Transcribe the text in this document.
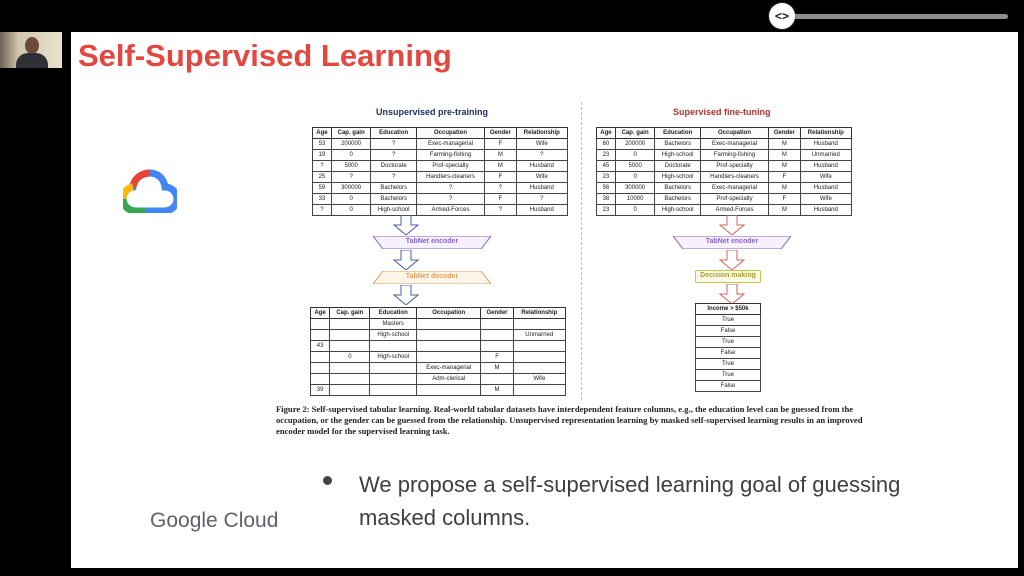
<>
Self-Supervised Learning
Unsupervised pre-training	Supervised fine-tuning
Age	Cap. gain	Education	Occupation	Gender	Relationship
53	200000	?	Exec-managerial	F	Wife
19	0	?	Farming-fishing	M	?
?	5000	Doctorate	Prof-specialty	M	Husband
25	?	?	Handlers-cleaners	F	Wife
59	300000	Bachelors	?	?	Husband
33	0	Bachelors	?	F	?
?	0	High-school	Armed-Forces	?	Husband
Age	Cap. gain	Education	Occupation	Gender	Relationship
60	200000	Bachelors	Exec-managerial	M	Husband
23	0	High-school	Farming-fishing	M	Unmarried
45	5000	Doctorate	Prof-specialty	M	Husband
23	0	High-school	Handlers-cleaners	F	Wife
56	300000	Bachelors	Exec-managerial	M	Husband
38	10000	Bachelors	Prof-specialty	F	Wife
23	0	High-school	Armed-Forces	M	Husband
TabNet encoder
TabNet decoder
Age	Cap. gain	Education	Occupation	Gender	Relationship
		Masters			
		High-school			Unmarried
43					
	0	High-school		F	
			Exec-managerial	M	
			Adm-clerical		Wife
39				M	
TabNet encoder
Decision making
Income > $50k
True
False
True
False
True
True
False
Figure 2: Self-supervised tabular learning. Real-world tabular datasets have interdependent feature columns, e.g., the education level can be guessed from the occupation, or the gender can be guessed from the relationship. Unsupervised representation learning by masked self-supervised learning results in an improved encoder model for the supervised learning task.
We propose a self-supervised learning goal of guessing masked columns.
Google Cloud
